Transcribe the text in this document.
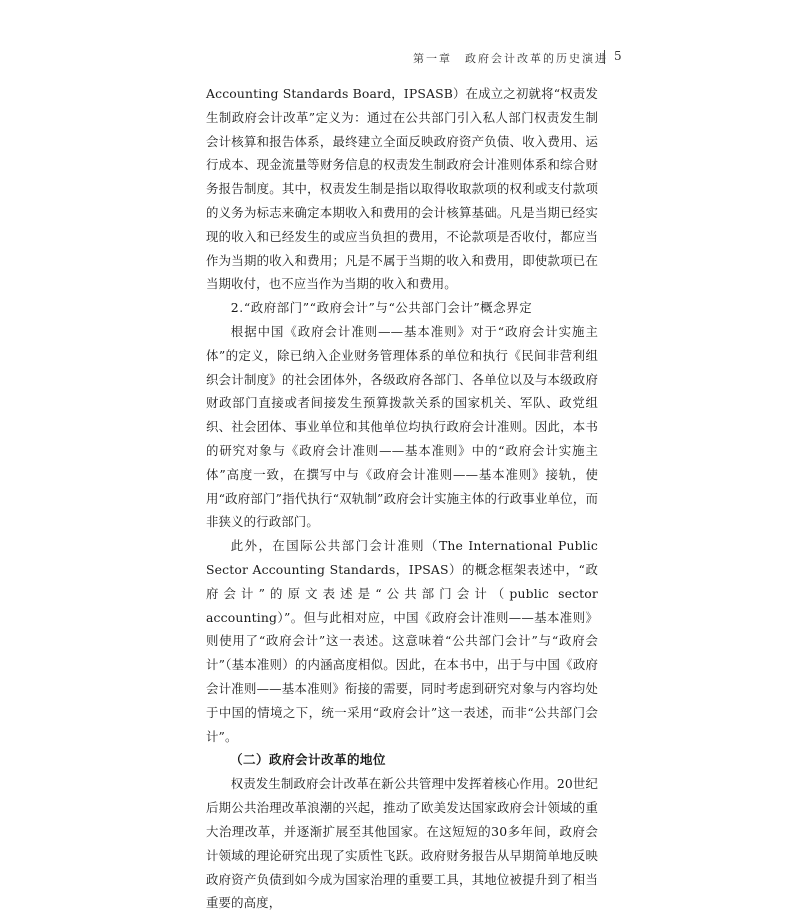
第一章　政府会计改革的历史演进 5

Accounting Standards Board，IPSASB）在成立之初就将“权责发生制政府会计改革”定义为：通过在公共部门引入私人部门权责发生制会计核算和报告体系，最终建立全面反映政府资产负债、收入费用、运行成本、现金流量等财务信息的权责发生制政府会计准则体系和综合财务报告制度。其中，权责发生制是指以取得收取款项的权利或支付款项的义务为标志来确定本期收入和费用的会计核算基础。凡是当期已经实现的收入和已经发生的或应当负担的费用，不论款项是否收付，都应当作为当期的收入和费用；凡是不属于当期的收入和费用，即使款项已在当期收付，也不应当作为当期的收入和费用。

2.“政府部门”“政府会计”与“公共部门会计”概念界定

根据中国《政府会计准则——基本准则》对于“政府会计实施主体”的定义，除已纳入企业财务管理体系的单位和执行《民间非营利组织会计制度》的社会团体外，各级政府各部门、各单位以及与本级政府财政部门直接或者间接发生预算拨款关系的国家机关、军队、政党组织、社会团体、事业单位和其他单位均执行政府会计准则。因此，本书的研究对象与《政府会计准则——基本准则》中的“政府会计实施主体”高度一致，在撰写中与《政府会计准则——基本准则》接轨，使用“政府部门”指代执行“双轨制”政府会计实施主体的行政事业单位，而非狭义的行政部门。

此外，在国际公共部门会计准则（The International Public Sector Accounting Standards，IPSAS）的概念框架表述中，“政府会计”的原文表述是“公共部门会计（public sector accounting）”。但与此相对应，中国《政府会计准则——基本准则》则使用了“政府会计”这一表述。这意味着“公共部门会计”与“政府会计”（基本准则）的内涵高度相似。因此，在本书中，出于与中国《政府会计准则——基本准则》衔接的需要，同时考虑到研究对象与内容均处于中国的情境之下，统一采用“政府会计”这一表述，而非“公共部门会计”。

（二）政府会计改革的地位

权责发生制政府会计改革在新公共管理中发挥着核心作用。20世纪后期公共治理改革浪潮的兴起，推动了欧美发达国家政府会计领域的重大治理改革，并逐渐扩展至其他国家。在这短短的30多年间，政府会计领域的理论研究出现了实质性飞跃。政府财务报告从早期简单地反映政府资产负债到如今成为国家治理的重要工具，其地位被提升到了相当重要的高度，
